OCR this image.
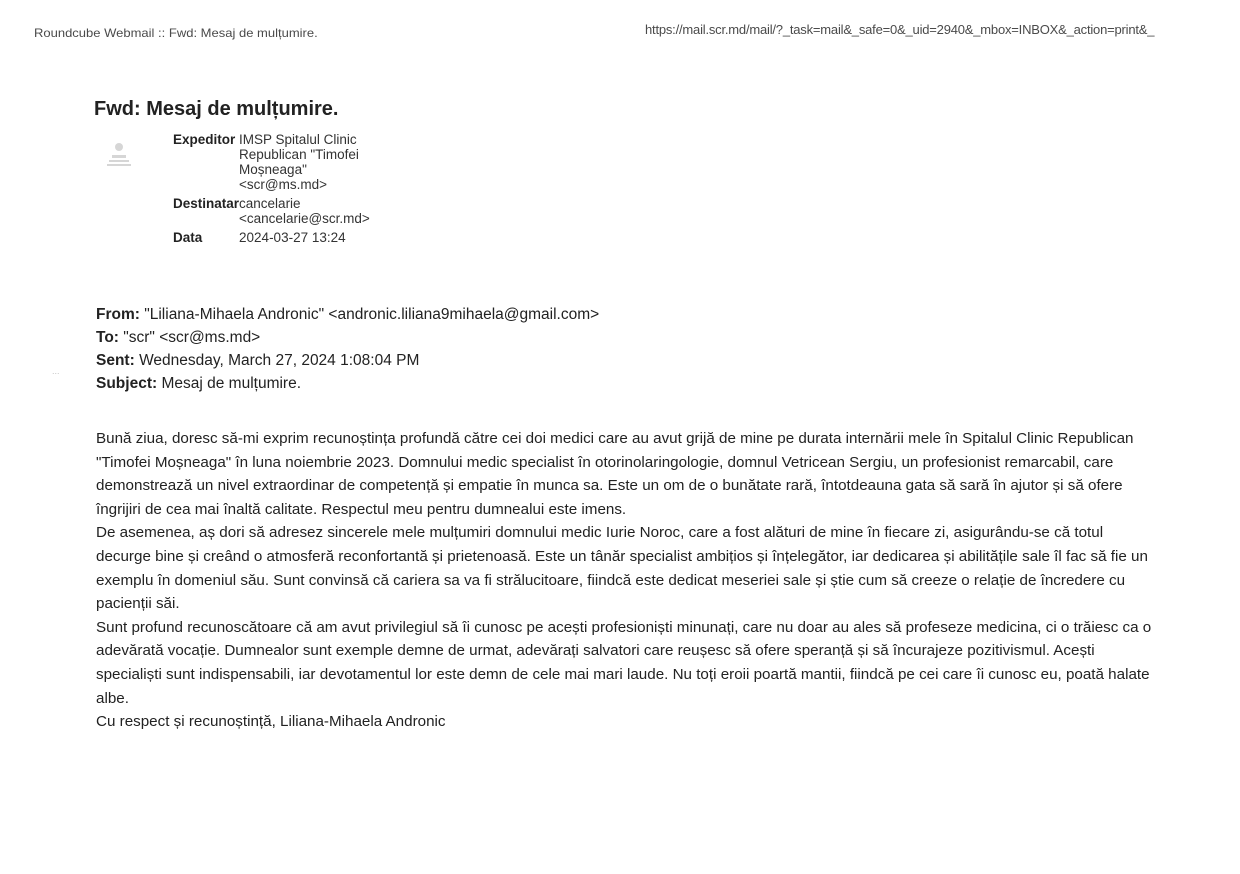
Roundcube Webmail :: Fwd: Mesaj de mulțumire.	https://mail.scr.md/mail/?_task=mail&_safe=0&_uid=2940&_mbox=INBOX&_action=print&_
Fwd: Mesaj de mulțumire.
Expeditor	IMSP Spitalul Clinic Republican "Timofei Moșneaga" <scr@ms.md>
Destinatar	cancelarie <cancelarie@scr.md>
Data	2024-03-27 13:24
From: "Liliana-Mihaela Andronic" <andronic.liliana9mihaela@gmail.com>
To: "scr" <scr@ms.md>
Sent: Wednesday, March 27, 2024 1:08:04 PM
Subject: Mesaj de mulțumire.

Bună ziua, doresc să-mi exprim recunoștința profundă către cei doi medici care au avut grijă de mine pe durata internării mele în Spitalul Clinic Republican "Timofei Moșneaga" în luna noiembrie 2023. Domnului medic specialist în otorinolaringologie, domnul Vetricean Sergiu, un profesionist remarcabil, care demonstrează un nivel extraordinar de competență și empatie în munca sa. Este un om de o bunătate rară, întotdeauna gata să sară în ajutor și să ofere îngrijiri de cea mai înaltă calitate. Respectul meu pentru dumnealui este imens.

De asemenea, aș dori să adresez sincerele mele mulțumiri domnului medic Iurie Noroc, care a fost alături de mine în fiecare zi, asigurându-se că totul decurge bine și creând o atmosferă reconfortantă și prietenoasă. Este un tânăr specialist ambițios și înțelegător, iar dedicarea și abilitățile sale îl fac să fie un exemplu în domeniul său. Sunt convinsă că cariera sa va fi strălucitoare, fiindcă este dedicat meseriei sale și știe cum să creeze o relație de încredere cu pacienții săi.

Sunt profund recunoscătoare că am avut privilegiul să îi cunosc pe acești profesioniști minunați, care nu doar au ales să profeseze medicina, ci o trăiesc ca o adevărată vocație. Dumnealor sunt exemple demne de urmat, adevărați salvatori care reușesc să ofere speranță și să încurajeze pozitivismul. Acești specialiști sunt indispensabili, iar devotamentul lor este demn de cele mai mari laude. Nu toți eroii poartă mantii, fiindcă pe cei care îi cunosc eu, poată halate albe.

Cu respect și recunoștință, Liliana-Mihaela Andronic

...
